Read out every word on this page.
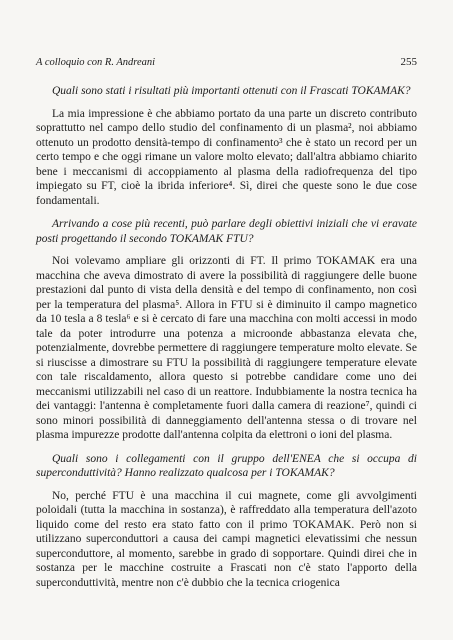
A colloquio con R. Andreani	255

Quali sono stati i risultati più importanti ottenuti con il Frascati TOKAMAK?

La mia impressione è che abbiamo portato da una parte un discreto contributo soprattutto nel campo dello studio del confinamento di un plasma², noi abbiamo ottenuto un prodotto densità-tempo di confinamento³ che è stato un record per un certo tempo e che oggi rimane un valore molto elevato; dall'altra abbiamo chiarito bene i meccanismi di accoppiamento al plasma della radiofrequenza del tipo impiegato su FT, cioè la ibrida inferiore⁴. Sì, direi che queste sono le due cose fondamentali.

Arrivando a cose più recenti, può parlare degli obiettivi iniziali che vi eravate posti progettando il secondo TOKAMAK FTU?

Noi volevamo ampliare gli orizzonti di FT. Il primo TOKAMAK era una macchina che aveva dimostrato di avere la possibilità di raggiungere delle buone prestazioni dal punto di vista della densità e del tempo di confinamento, non così per la temperatura del plasma⁵. Allora in FTU si è diminuito il campo magnetico da 10 tesla a 8 tesla⁶ e si è cercato di fare una macchina con molti accessi in modo tale da poter introdurre una potenza a microonde abbastanza elevata che, potenzialmente, dovrebbe permettere di raggiungere temperature molto elevate. Se si riuscisse a dimostrare su FTU la possibilità di raggiungere temperature elevate con tale riscaldamento, allora questo si potrebbe candidare come uno dei meccanismi utilizzabili nel caso di un reattore. Indubbiamente la nostra tecnica ha dei vantaggi: l'antenna è completamente fuori dalla camera di reazione⁷, quindi ci sono minori possibilità di danneggiamento dell'antenna stessa o di trovare nel plasma impurezze prodotte dall'antenna colpita da elettroni o ioni del plasma.

Quali sono i collegamenti con il gruppo dell'ENEA che si occupa di superconduttività? Hanno realizzato qualcosa per i TOKAMAK?

No, perché FTU è una macchina il cui magnete, come gli avvolgimenti poloidali (tutta la macchina in sostanza), è raffreddato alla temperatura dell'azoto liquido come del resto era stato fatto con il primo TOKAMAK. Però non si utilizzano superconduttori a causa dei campi magnetici elevatissimi che nessun superconduttore, al momento, sarebbe in grado di sopportare. Quindi direi che in sostanza per le macchine costruite a Frascati non c'è stato l'apporto della superconduttività, mentre non c'è dubbio che la tecnica criogenica
